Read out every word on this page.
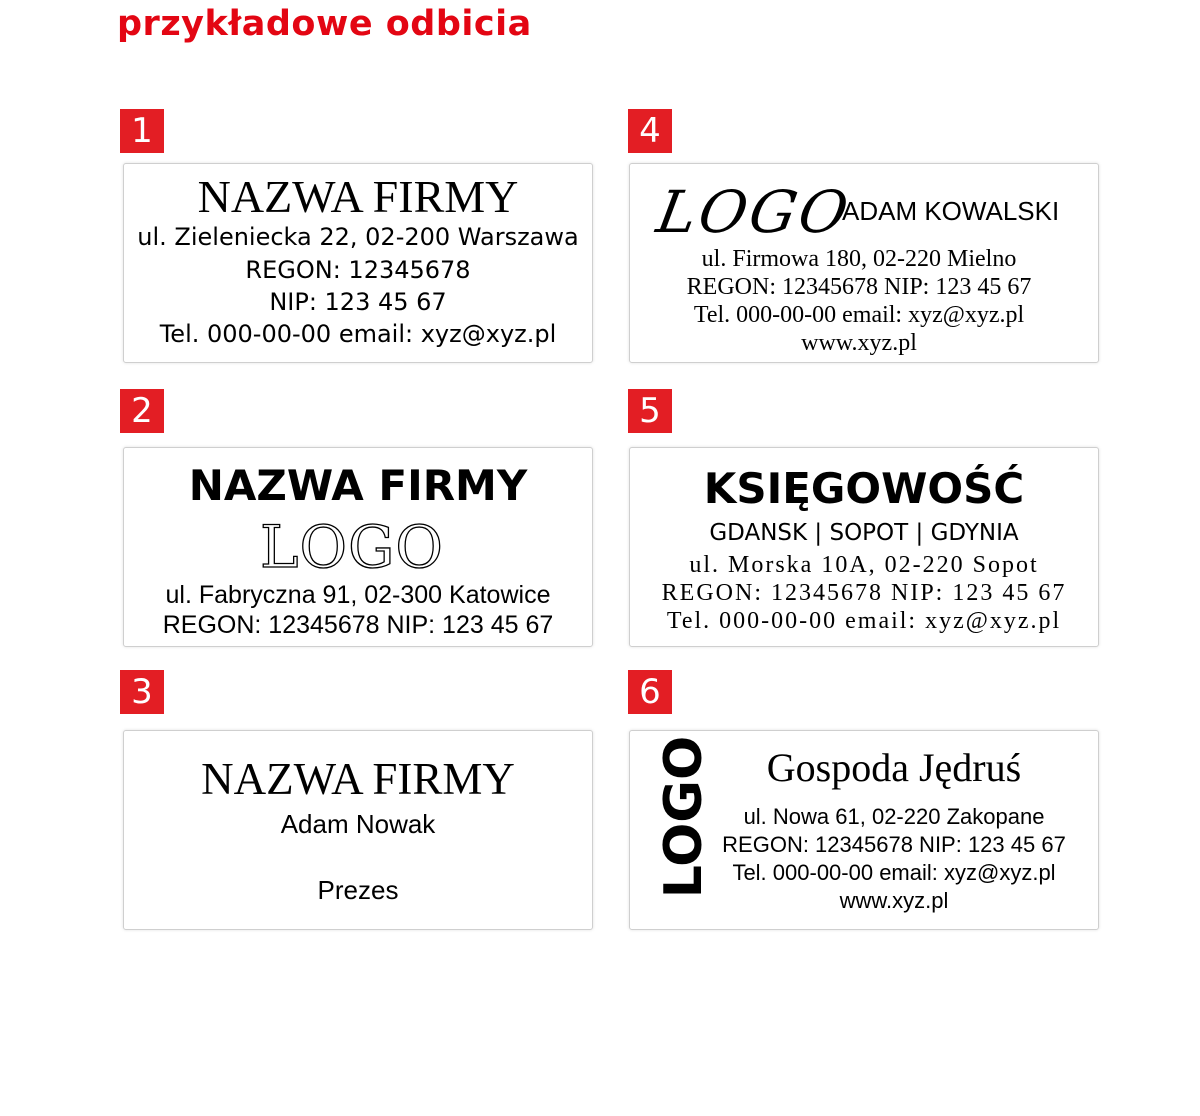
przykładowe odbicia
1
NAZWA FIRMY
ul. Zieleniecka 22, 02-200 Warszawa
REGON: 12345678
NIP: 123 45 67
Tel. 000-00-00 email: xyz@xyz.pl
2
NAZWA FIRMY
LOGO
ul. Fabryczna 91, 02-300 Katowice
REGON: 12345678 NIP: 123 45 67
3
NAZWA FIRMY
Adam Nowak
Prezes
4
LOGO
ADAM KOWALSKI
ul. Firmowa 180, 02-220 Mielno
REGON: 12345678 NIP: 123 45 67
Tel. 000-00-00 email: xyz@xyz.pl
www.xyz.pl
5
KSIĘGOWOŚĆ
GDANSK | SOPOT | GDYNIA
ul. Morska 10A, 02-220 Sopot
REGON: 12345678 NIP: 123 45 67
Tel. 000-00-00 email: xyz@xyz.pl
6
LOGO	Gospoda Jędruś
ul. Nowa 61, 02-220 Zakopane
REGON: 12345678 NIP: 123 45 67
Tel. 000-00-00 email: xyz@xyz.pl
www.xyz.pl
